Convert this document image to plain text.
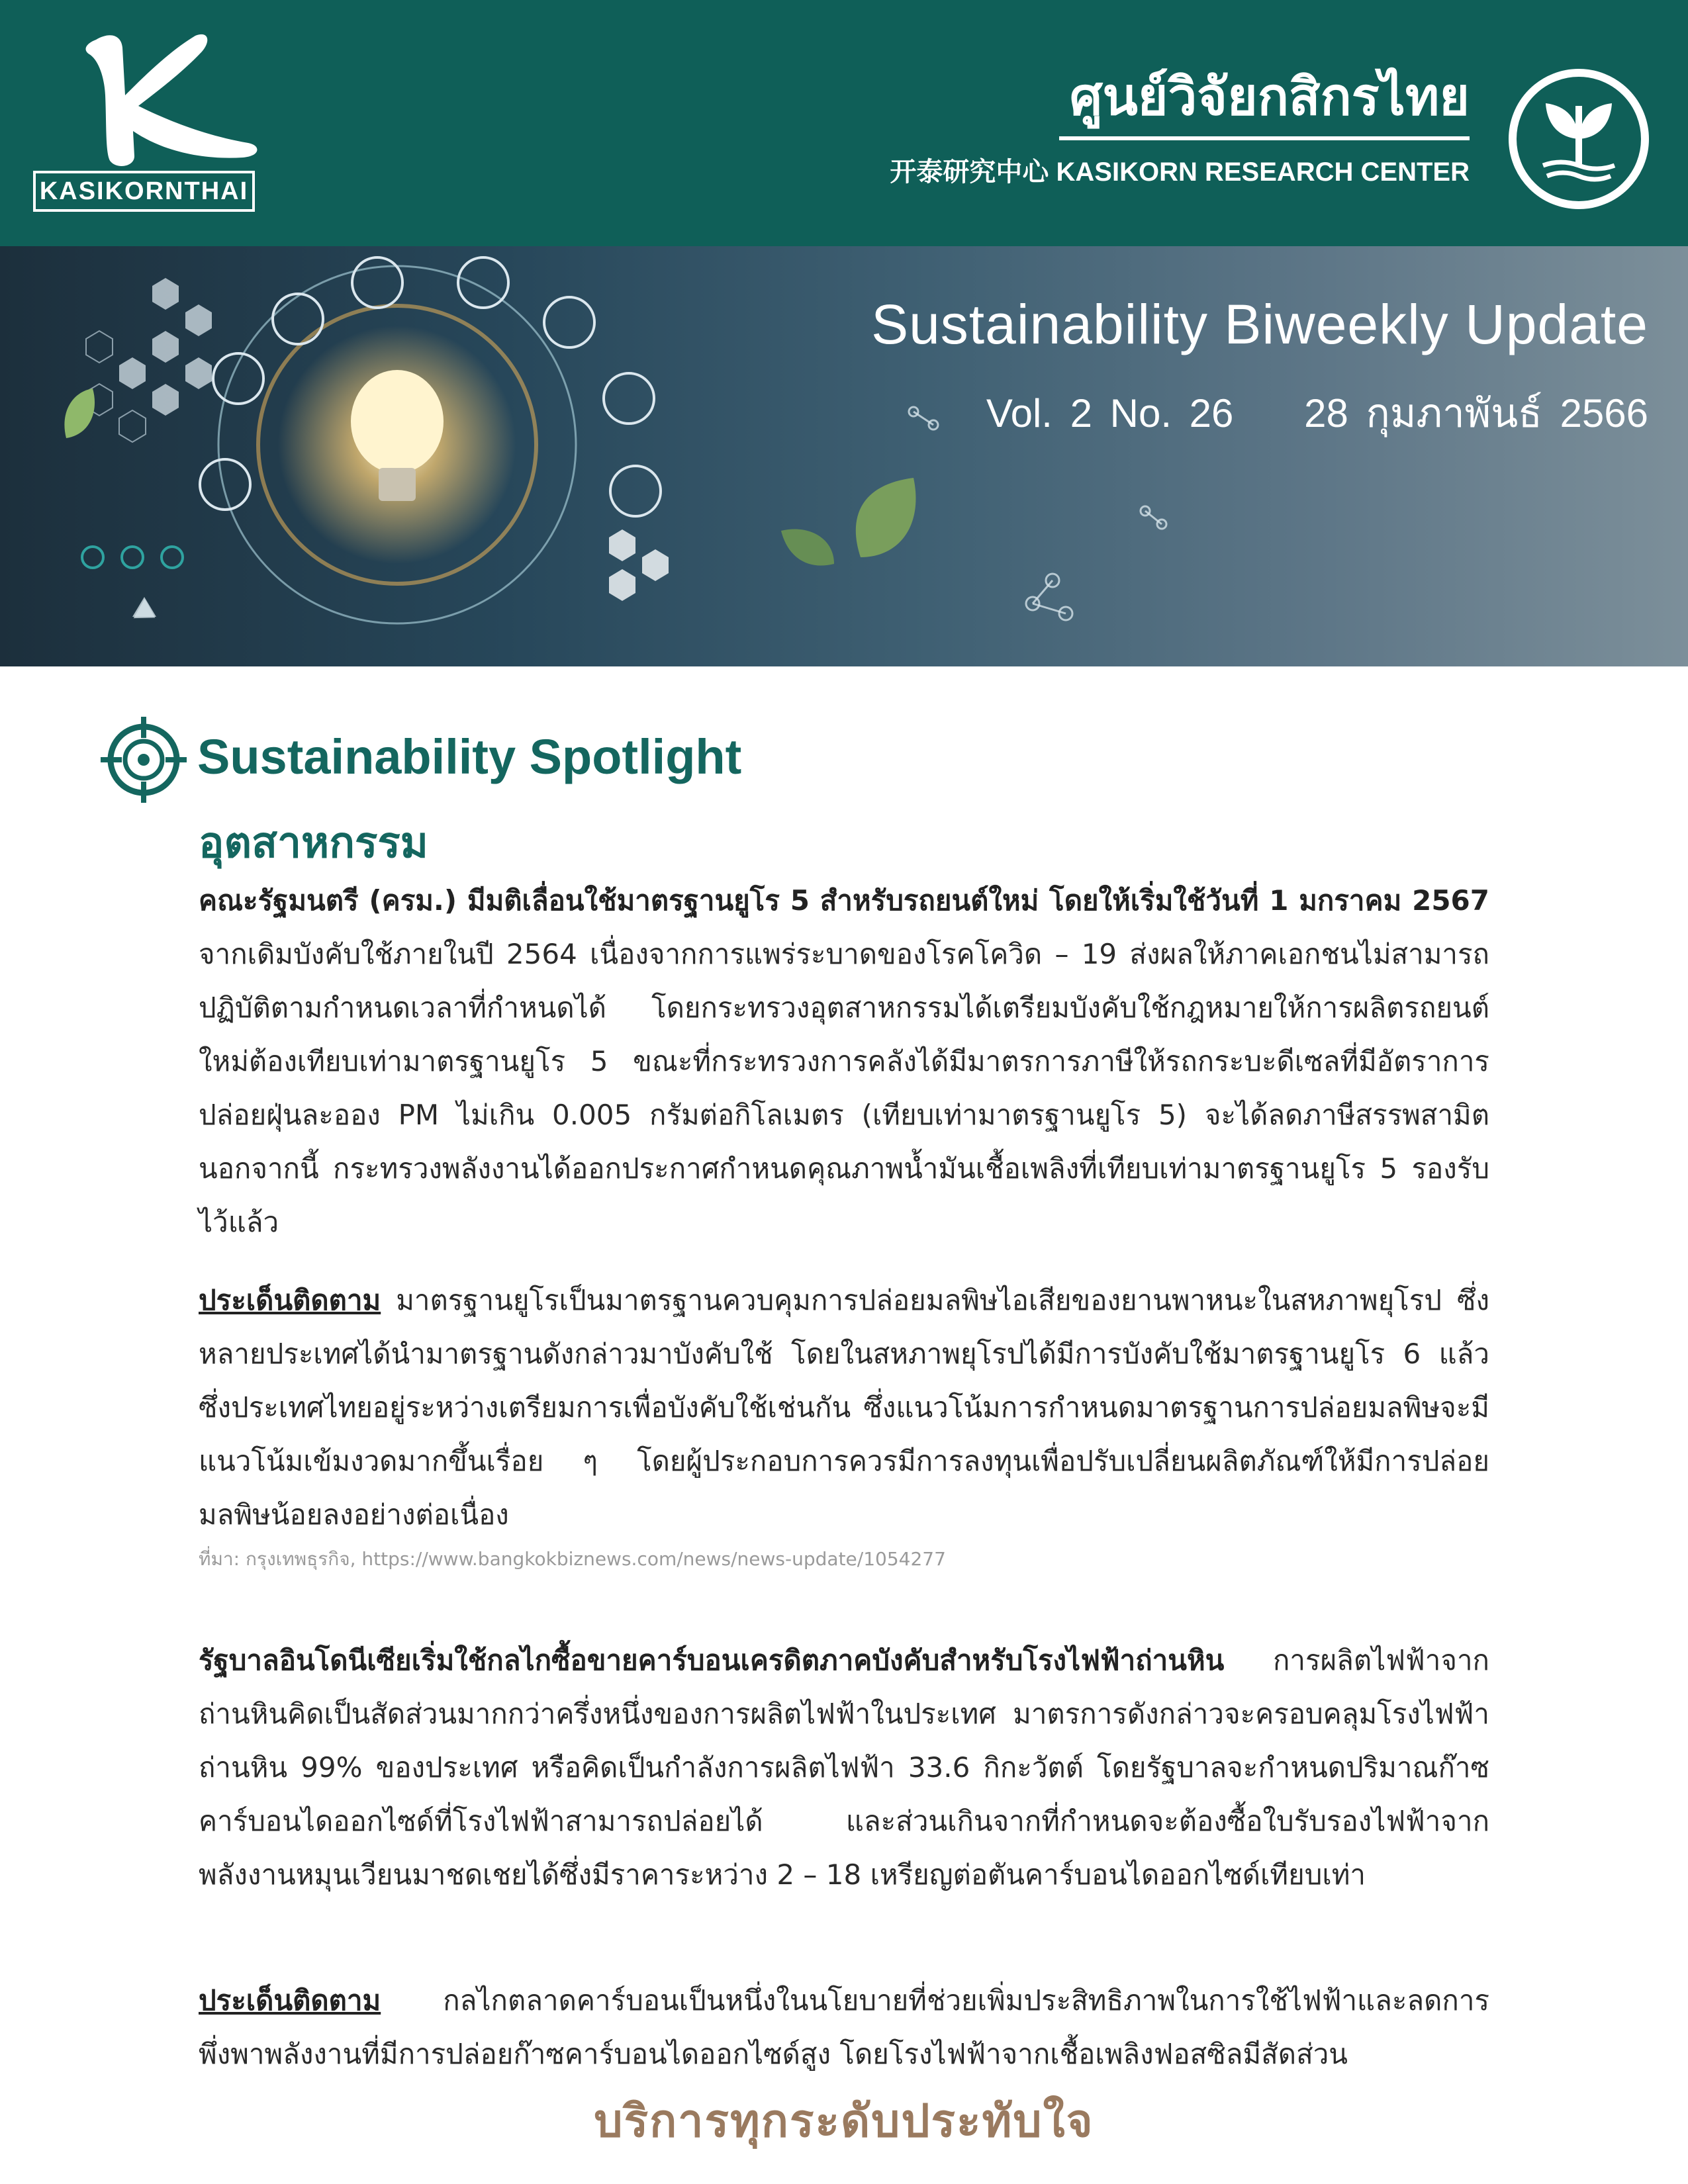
KASIKORNTHAI
ศูนย์วิจัยกสิกรไทย
开泰研究中心 KASIKORN RESEARCH CENTER
Sustainability Biweekly Update
Vol. 2 No. 26 28 กุมภาพันธ์ 2566
Sustainability Spotlight
อุตสาหกรรม
คณะรัฐมนตรี (ครม.) มีมติเลื่อนใช้มาตรฐานยูโร 5 สำหรับรถยนต์ใหม่ โดยให้เริ่มใช้วันที่ 1 มกราคม 2567 จากเดิมบังคับใช้ภายในปี 2564 เนื่องจากการแพร่ระบาดของโรคโควิด – 19 ส่งผลให้ภาคเอกชนไม่สามารถปฏิบัติตามกำหนดเวลาที่กำหนดได้ โดยกระทรวงอุตสาหกรรมได้เตรียมบังคับใช้กฎหมายให้การผลิตรถยนต์ใหม่ต้องเทียบเท่ามาตรฐานยูโร 5 ขณะที่กระทรวงการคลังได้มีมาตรการภาษีให้รถกระบะดีเซลที่มีอัตราการปล่อยฝุ่นละออง PM ไม่เกิน 0.005 กรัมต่อกิโลเมตร (เทียบเท่ามาตรฐานยูโร 5) จะได้ลดภาษีสรรพสามิต นอกจากนี้ กระทรวงพลังงานได้ออกประกาศกำหนดคุณภาพน้ำมันเชื้อเพลิงที่เทียบเท่ามาตรฐานยูโร 5 รองรับไว้แล้ว
ประเด็นติดตาม มาตรฐานยูโรเป็นมาตรฐานควบคุมการปล่อยมลพิษไอเสียของยานพาหนะในสหภาพยุโรป ซึ่งหลายประเทศได้นำมาตรฐานดังกล่าวมาบังคับใช้ โดยในสหภาพยุโรปได้มีการบังคับใช้มาตรฐานยูโร 6 แล้ว ซึ่งประเทศไทยอยู่ระหว่างเตรียมการเพื่อบังคับใช้เช่นกัน ซึ่งแนวโน้มการกำหนดมาตรฐานการปล่อยมลพิษจะมีแนวโน้มเข้มงวดมากขึ้นเรื่อย ๆ โดยผู้ประกอบการควรมีการลงทุนเพื่อปรับเปลี่ยนผลิตภัณฑ์ให้มีการปล่อยมลพิษน้อยลงอย่างต่อเนื่อง
ที่มา: กรุงเทพธุรกิจ, https://www.bangkokbiznews.com/news/news-update/1054277
รัฐบาลอินโดนีเซียเริ่มใช้กลไกซื้อขายคาร์บอนเครดิตภาคบังคับสำหรับโรงไฟฟ้าถ่านหิน การผลิตไฟฟ้าจากถ่านหินคิดเป็นสัดส่วนมากกว่าครึ่งหนึ่งของการผลิตไฟฟ้าในประเทศ มาตรการดังกล่าวจะครอบคลุมโรงไฟฟ้าถ่านหิน 99% ของประเทศ หรือคิดเป็นกำลังการผลิตไฟฟ้า 33.6 กิกะวัตต์ โดยรัฐบาลจะกำหนดปริมาณก๊าซคาร์บอนไดออกไซด์ที่โรงไฟฟ้าสามารถปล่อยได้ และส่วนเกินจากที่กำหนดจะต้องซื้อใบรับรองไฟฟ้าจากพลังงานหมุนเวียนมาชดเชยได้ซึ่งมีราคาระหว่าง 2 – 18 เหรียญต่อตันคาร์บอนไดออกไซด์เทียบเท่า
ประเด็นติดตาม กลไกตลาดคาร์บอนเป็นหนึ่งในนโยบายที่ช่วยเพิ่มประสิทธิภาพในการใช้ไฟฟ้าและลดการพึ่งพาพลังงานที่มีการปล่อยก๊าซคาร์บอนไดออกไซด์สูง โดยโรงไฟฟ้าจากเชื้อเพลิงฟอสซิลมีสัดส่วน
บริการทุกระดับประทับใจ
